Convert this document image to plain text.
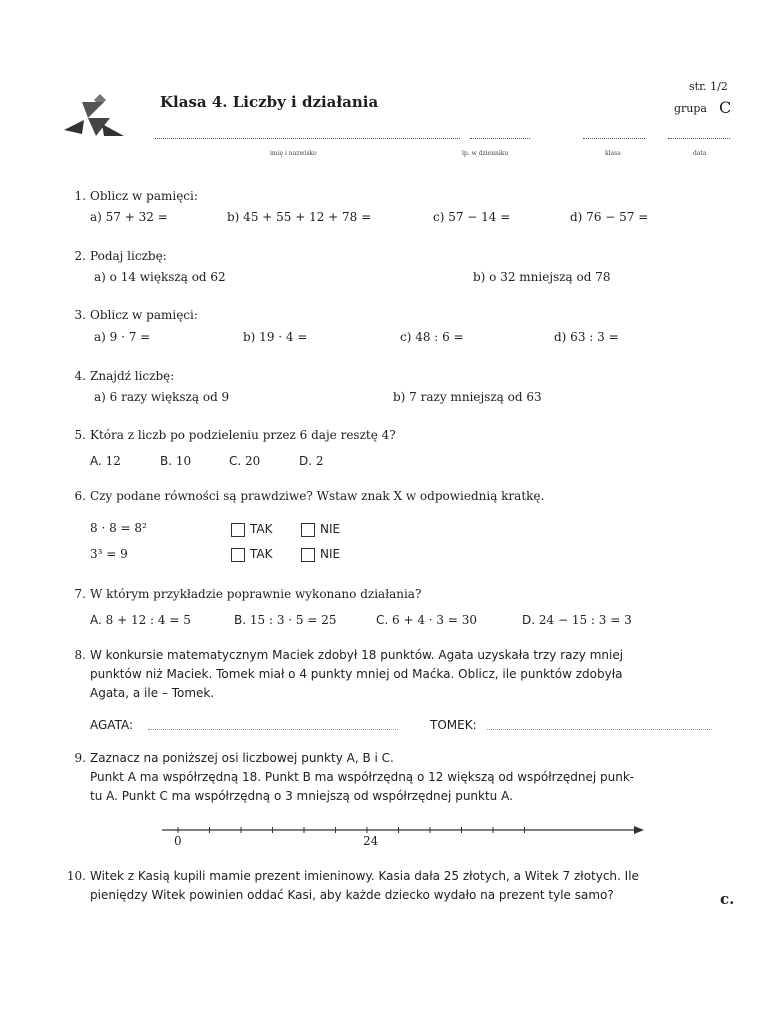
Klasa 4. Liczby i działania
str. 1/2
grupa C
imię i nazwisko	lp. w dzienniku	klasa	data
1. Oblicz w pamięci:
a) 57 + 32 =	b) 45 + 55 + 12 + 78 =	c) 57 − 14 =	d) 76 − 57 =
2. Podaj liczbę:
a) o 14 większą od 62	b) o 32 mniejszą od 78
3. Oblicz w pamięci:
a) 9 · 7 =	b) 19 · 4 =	c) 48 : 6 =	d) 63 : 3 =
4. Znajdź liczbę:
a) 6 razy większą od 9	b) 7 razy mniejszą od 63
5. Która z liczb po podzieleniu przez 6 daje resztę 4?
A. 12	B. 10	C. 20	D. 2
6. Czy podane równości są prawdziwe? Wstaw znak X w odpowiednią kratkę.
8 · 8 = 8²	TAK	NIE
3³ = 9	TAK	NIE
7. W którym przykładzie poprawnie wykonano działania?
A. 8 + 12 : 4 = 5	B. 15 : 3 · 5 = 25	C. 6 + 4 · 3 = 30	D. 24 − 15 : 3 = 3
8. W konkursie matematycznym Maciek zdobył 18 punktów. Agata uzyskała trzy razy mniej
punktów niż Maciek. Tomek miał o 4 punkty mniej od Maćka. Oblicz, ile punktów zdobyła
Agata, a ile – Tomek.
AGATA:	TOMEK:
9. Zaznacz na poniższej osi liczbowej punkty A, B i C.
Punkt A ma współrzędną 18. Punkt B ma współrzędną o 12 większą od współrzędnej punk-
tu A. Punkt C ma współrzędną o 3 mniejszą od współrzędnej punktu A.
0	24
10. Witek z Kasią kupili mamie prezent imieninowy. Kasia dała 25 złotych, a Witek 7 złotych. Ile
pieniędzy Witek powinien oddać Kasi, aby każde dziecko wydało na prezent tyle samo?	c.
